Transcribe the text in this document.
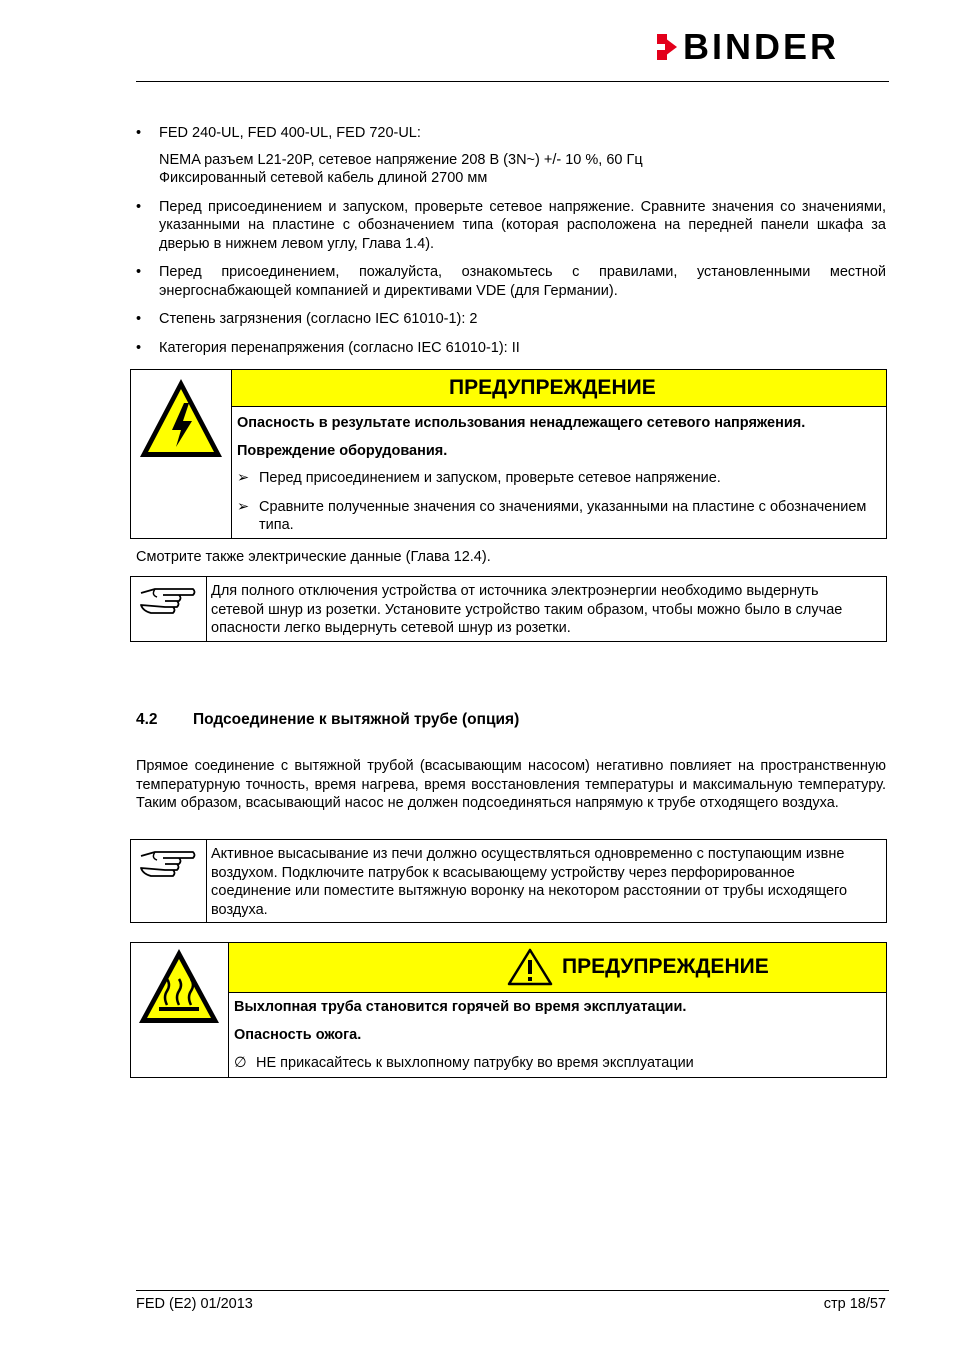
BINDER
• FED 240-UL, FED 400-UL, FED 720-UL:
NEMA разъем L21-20P, сетевое напряжение 208 В (3N~) +/- 10 %, 60 Гц
Фиксированный сетевой кабель длиной 2700 мм
• Перед присоединением и запуском, проверьте сетевое напряжение. Сравните значения со значениями, указанными на пластине с обозначением типа (которая расположена на передней панели шкафа за дверью в нижнем левом углу, Глава 1.4).
• Перед присоединением, пожалуйста, ознакомьтесь с правилами, установленными местной энергоснабжающей компанией и директивами VDE (для Германии).
• Степень загрязнения (согласно IEC 61010-1): 2
• Категория перенапряжения (согласно IEC 61010-1): II
ПРЕДУПРЕЖДЕНИЕ
Опасность в результате использования ненадлежащего сетевого напряжения.
Повреждение оборудования.
➢ Перед присоединением и запуском, проверьте сетевое напряжение.
➢ Сравните полученные значения со значениями, указанными на пластине с обозначением типа.
Смотрите также электрические данные (Глава 12.4).
Для полного отключения устройства от источника электроэнергии необходимо выдернуть сетевой шнур из розетки. Установите устройство таким образом, чтобы можно было в случае опасности легко выдернуть сетевой шнур из розетки.
4.2 Подсоединение к вытяжной трубе (опция)
Прямое соединение с вытяжной трубой (всасывающим насосом) негативно повлияет на пространственную температурную точность, время нагрева, время восстановления температуры и максимальную температуру. Таким образом, всасывающий насос не должен подсоединяться напрямую к трубе отходящего воздуха.
Активное высасывание из печи должно осуществляться одновременно с поступающим извне воздухом. Подключите патрубок к всасывающему устройству через перфорированное соединение или поместите вытяжную воронку на некотором расстоянии от трубы исходящего воздуха.
ПРЕДУПРЕЖДЕНИЕ
Выхлопная труба становится горячей во время эксплуатации.
Опасность ожога.
∅ НЕ прикасайтесь к выхлопному патрубку во время эксплуатации
FED (E2) 01/2013	стр 18/57
